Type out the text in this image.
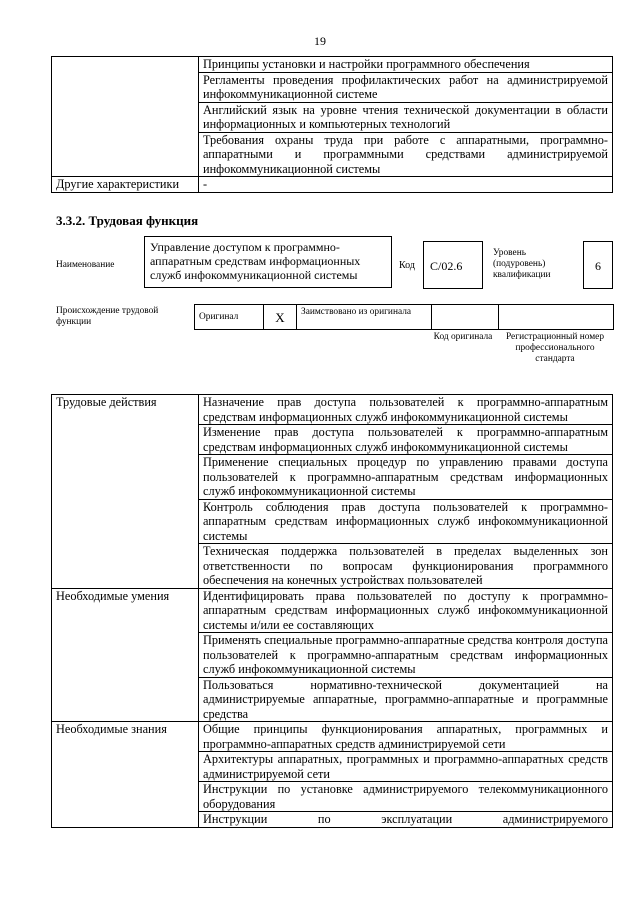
19
	Принципы установки и настройки программного обеспечения
	Регламенты проведения профилактических работ на администрируемой инфокоммуникационной системе
	Английский язык на уровне чтения технической документации в области информационных и компьютерных технологий
	Требования охраны труда при работе с аппаратными, программно-аппаратными и программными средствами администрируемой инфокоммуникационной системы
Другие характеристики	-
3.3.2. Трудовая функция
Наименование
Управление доступом к программно-аппаратным средствам информационных служб инфокоммуникационной системы
Код	C/02.6
Уровень (подуровень) квалификации
6
Происхождение трудовой функции
Оригинал	X	Заимствовано из оригинала		
Код оригинала	Регистрационный номер профессионального стандарта
Трудовые действия	Назначение прав доступа пользователей к программно-аппаратным средствам информационных служб инфокоммуникационной системы
	Изменение прав доступа пользователей к программно-аппаратным средствам информационных служб инфокоммуникационной системы
	Применение специальных процедур по управлению правами доступа пользователей к программно-аппаратным средствам информационных служб инфокоммуникационной системы
	Контроль соблюдения прав доступа пользователей к программно-аппаратным средствам информационных служб инфокоммуникационной системы
	Техническая поддержка пользователей в пределах выделенных зон ответственности по вопросам функционирования программного обеспечения на конечных устройствах пользователей
Необходимые умения	Идентифицировать права пользователей по доступу к программно-аппаратным средствам информационных служб инфокоммуникационной системы и/или ее составляющих
	Применять специальные программно-аппаратные средства контроля доступа пользователей к программно-аппаратным средствам информационных служб инфокоммуникационной системы
	Пользоваться нормативно-технической документацией на администрируемые аппаратные, программно-аппаратные и программные средства
Необходимые знания	Общие принципы функционирования аппаратных, программных и программно-аппаратных средств администрируемой сети
	Архитектуры аппаратных, программных и программно-аппаратных средств администрируемой сети
	Инструкции по установке администрируемого телекоммуникационного оборудования
	Инструкции по эксплуатации администрируемого
